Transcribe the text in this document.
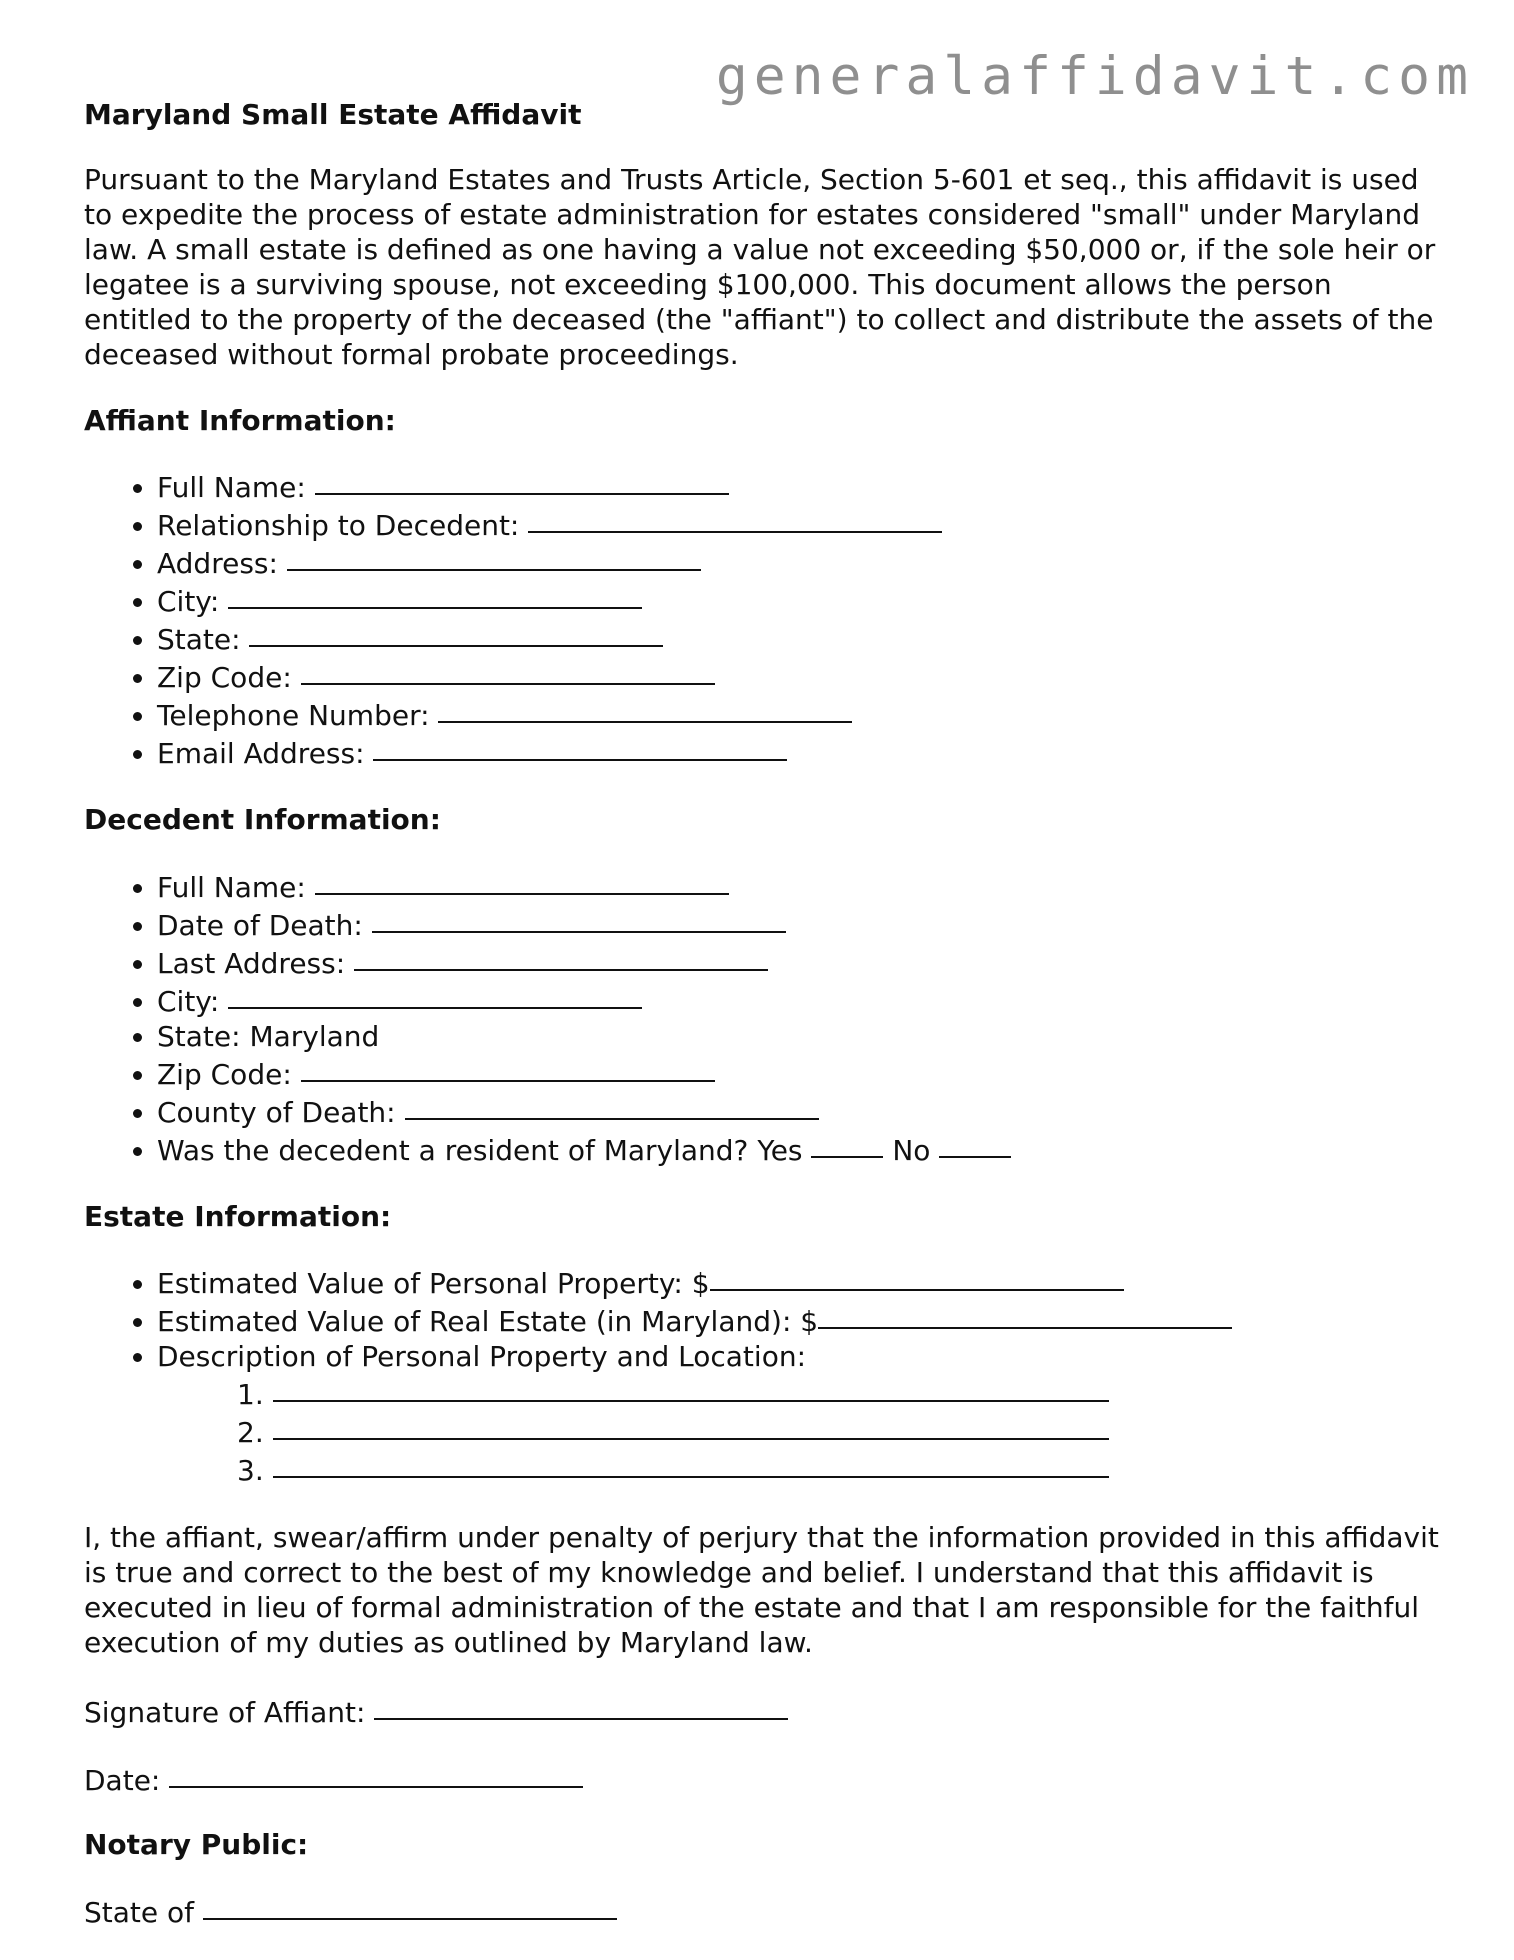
generalaffidavit.com
Maryland Small Estate Affidavit

Pursuant to the Maryland Estates and Trusts Article, Section 5-601 et seq., this affidavit is used to expedite the process of estate administration for estates considered "small" under Maryland law. A small estate is defined as one having a value not exceeding $50,000 or, if the sole heir or legatee is a surviving spouse, not exceeding $100,000. This document allows the person entitled to the property of the deceased (the "affiant") to collect and distribute the assets of the deceased without formal probate proceedings.

Affiant Information:
• Full Name:
• Relationship to Decedent:
• Address:
• City:
• State:
• Zip Code:
• Telephone Number:
• Email Address:
Decedent Information:
• Full Name:
• Date of Death:
• Last Address:
• City:
• State: Maryland
• Zip Code:
• County of Death:
• Was the decedent a resident of Maryland? Yes	No
Estate Information:
• Estimated Value of Personal Property: $
• Estimated Value of Real Estate (in Maryland): $
• Description of Personal Property and Location:
1.
2.
3.

I, the affiant, swear/affirm under penalty of perjury that the information provided in this affidavit is true and correct to the best of my knowledge and belief. I understand that this affidavit is executed in lieu of formal administration of the estate and that I am responsible for the faithful execution of my duties as outlined by Maryland law.

Signature of Affiant:
Date:
Notary Public:
State of
